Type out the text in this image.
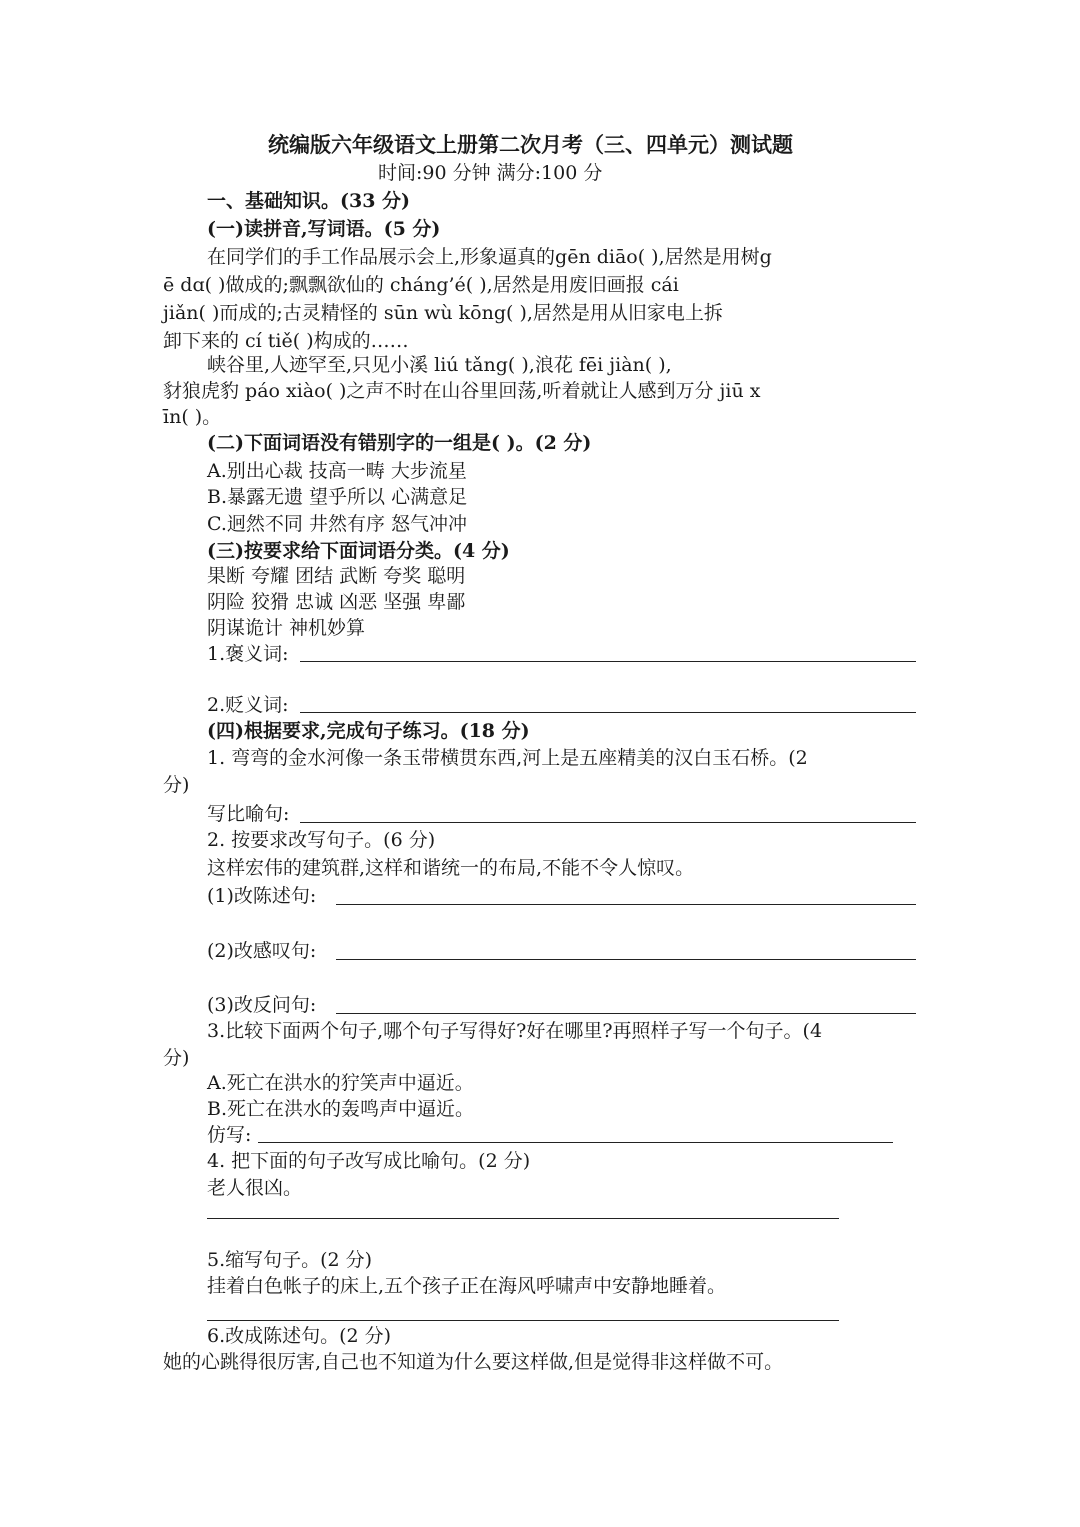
统编版六年级语文上册第二次月考（三、四单元）测试题
时间:90 分钟 满分:100 分
一、基础知识。(33 分)
(一)读拼音,写词语。(5 分)
在同学们的手工作品展示会上,形象逼真的gēn diāo( ),居然是用树g
ē dɑ( )做成的;飘飘欲仙的 cháng’é( ),居然是用废旧画报 cái
jiǎn( )而成的;古灵精怪的 sūn wù kōng( ),居然是用从旧家电上拆
卸下来的 cí tiě( )构成的……
峡谷里,人迹罕至,只见小溪 liú tǎng( ),浪花 fēi jiàn( ),
豺狼虎豹 páo xiào( )之声不时在山谷里回荡,听着就让人感到万分 jiū x
īn( )。
(二)下面词语没有错别字的一组是( )。(2 分)
A.别出心裁 技高一畴 大步流星
B.暴露无遗 望乎所以 心满意足
C.迥然不同 井然有序 怒气冲冲
(三)按要求给下面词语分类。(4 分)
果断 夸耀 团结 武断 夸奖 聪明
阴险 狡猾 忠诚 凶恶 坚强 卑鄙
阴谋诡计 神机妙算
1.褒义词:
2.贬义词:
(四)根据要求,完成句子练习。(18 分)
1. 弯弯的金水河像一条玉带横贯东西,河上是五座精美的汉白玉石桥。(2
分)
写比喻句:
2. 按要求改写句子。(6 分)
这样宏伟的建筑群,这样和谐统一的布局,不能不令人惊叹。
(1)改陈述句:
(2)改感叹句:
(3)改反问句:
3.比较下面两个句子,哪个句子写得好?好在哪里?再照样子写一个句子。(4
分)
A.死亡在洪水的狞笑声中逼近。
B.死亡在洪水的轰鸣声中逼近。
仿写:
4. 把下面的句子改写成比喻句。(2 分)
老人很凶。
5.缩写句子。(2 分)
挂着白色帐子的床上,五个孩子正在海风呼啸声中安静地睡着。
6.改成陈述句。(2 分)
她的心跳得很厉害,自己也不知道为什么要这样做,但是觉得非这样做不可。
